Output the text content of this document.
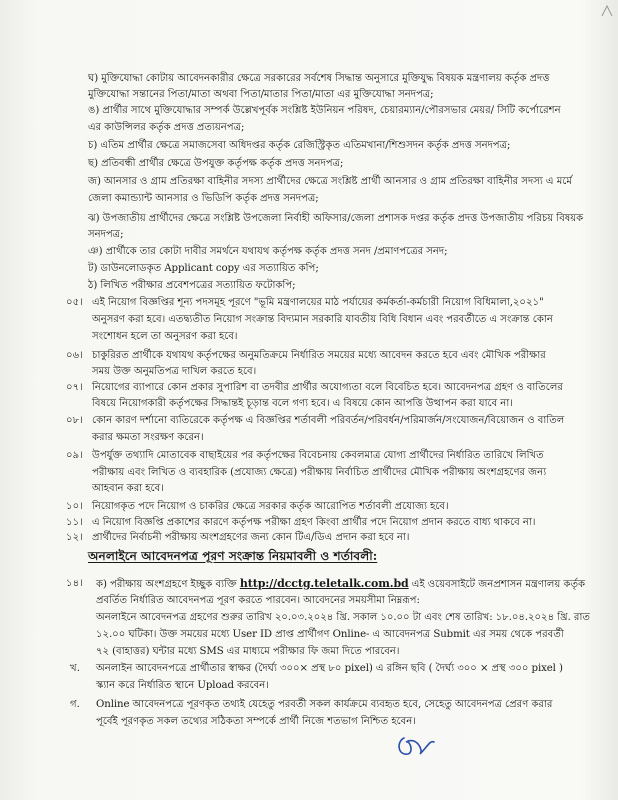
ঘ) মুক্তিযোদ্ধা কোটায় আবেদনকারীর ক্ষেত্রে সরকারের সর্বশেষ সিদ্ধান্ত অনুসারে মুক্তিযুদ্ধ বিষয়ক মন্ত্রণালয় কর্তৃক প্রদত্ত
মুক্তিযোদ্ধা সন্তানের পিতা/মাতা অথবা পিতা/মাতার পিতা/মাতা এর মুক্তিযোদ্ধা সনদপত্র;
ঙ) প্রার্থীর সাথে মুক্তিযোদ্ধার সম্পর্ক উল্লেখপূর্বক সংশ্লিষ্ট ইউনিয়ন পরিষদ, চেয়ারম্যান/পৌরসভার মেয়র/ সিটি কর্পোরেশন
এর কাউন্সিলর কর্তৃক প্রদত্ত প্রত্যয়নপত্র;
চ) এতিম প্রার্থীর ক্ষেত্রে সমাজসেবা অধিদপ্তর কর্তৃক রেজিস্ট্রিকৃত এতিমখানা/শিশুসদন কর্তৃক প্রদত্ত সনদপত্র;
ছ) প্রতিবন্ধী প্রার্থীর ক্ষেত্রে উপযুক্ত কর্তৃপক্ষ কর্তৃক প্রদত্ত সনদপত্র;
জ) আনসার ও গ্রাম প্রতিরক্ষা বাহিনীর সদস্য প্রার্থীদের ক্ষেত্রে সংশ্লিষ্ট প্রার্থী আনসার ও গ্রাম প্রতিরক্ষা বাহিনীর সদস্য এ মর্মে
জেলা কমান্ড্যান্ট আনসার ও ভিডিপি কর্তৃক প্রদত্ত সনদপত্র;
ঝ) উপজাতীয় প্রার্থীদের ক্ষেত্রে সংশ্লিষ্ট উপজেলা নির্বাহী অফিসার/জেলা প্রশাসক দপ্তর কর্তৃক প্রদত্ত উপজাতীয় পরিচয় বিষয়ক
সনদপত্র;
ঞ) প্রার্থীকে তার কোটা দাবীর সমর্থনে যথাযথ কর্তৃপক্ষ কর্তৃক প্রদত্ত সনদ /প্রমাণপত্রের সনদ;
ট) ডাউনলোডকৃত Applicant copy এর সত্যায়িত কপি;
ঠ) লিখিত পরীক্ষার প্রবেশপত্রের সত্যায়িত ফটোকপি;
০৫। এই নিয়োগ বিজ্ঞপ্তির শূন্য পদসমূহ পূরণে "ভূমি মন্ত্রণালয়ের মাঠ পর্যায়ের কর্মকর্তা-কর্মচারী নিয়োগ বিধিমালা,২০২১"
অনুসরণ করা হবে। এতদ্ব্যতীত নিয়োগ সংক্রান্ত বিদ্যমান সরকারি যাবতীয় বিধি বিধান এবং পরবর্তীতে এ সংক্রান্ত কোন
সংশোধন হলে তা অনুসরণ করা হবে।
০৬। চাকুরিরত প্রার্থীকে যথাযথ কর্তৃপক্ষের অনুমতিক্রমে নির্ধারিত সময়ের মধ্যে আবেদন করতে হবে এবং মৌখিক পরীক্ষার
সময় উক্ত অনুমতিপত্র দাখিল করতে হবে।
০৭। নিয়োগের ব্যাপারে কোন প্রকার সুপারিশ বা তদবীর প্রার্থীর অযোগ্যতা বলে বিবেচিত হবে। আবেদনপত্র গ্রহণ ও বাতিলের
বিষয়ে নিয়োগকারী কর্তৃপক্ষের সিদ্ধান্তই চূড়ান্ত বলে গণ্য হবে। এ বিষয়ে কোন আপত্তি উত্থাপন করা যাবে না।
০৮। কোন কারণ দর্শানো ব্যতিরেকে কর্তৃপক্ষ এ বিজ্ঞপ্তির শর্তাবলী পরিবর্তন/পরিবর্ধন/পরিমার্জন/সংযোজন/বিয়োজন ও বাতিল
করার ক্ষমতা সংরক্ষণ করেন।
০৯। উপর্যুক্ত তথ্যাদি মোতাবেক বাছাইয়ের পর কর্তৃপক্ষের বিবেচনায় কেবলমাত্র যোগ্য প্রার্থীদের নির্ধারিত তারিখে লিখিত
পরীক্ষায় এবং লিখিত ও ব্যবহারিক (প্রযোজ্য ক্ষেত্রে) পরীক্ষায় নির্বাচিত প্রার্থীদের মৌখিক পরীক্ষায় অংশগ্রহণের জন্য
আহবান করা হবে।
১০। নিয়োগকৃত পদে নিয়োগ ও চাকরির ক্ষেত্রে সরকার কর্তৃক আরোপিত শর্তাবলী প্রযোজ্য হবে।
১১। এ নিয়োগ বিজ্ঞপ্তি প্রকাশের কারণে কর্তৃপক্ষ পরীক্ষা গ্রহণ কিংবা প্রার্থীর পদে নিয়োগ প্রদান করতে বাধ্য থাকবে না।
১২। প্রার্থীদের নির্বাচনী পরীক্ষায় অংশগ্রহণের জন্য কোন টিএ/ডিএ প্রদান করা হবে না।
অনলাইনে আবেদনপত্র পূরণ সংক্রান্ত নিয়মাবলী ও শর্তাবলী:
১৪। ক) পরীক্ষায় অংশগ্রহণে ইচ্ছুক ব্যক্তি http://dcctg.teletalk.com.bd এই ওয়েবসাইটে জনপ্রশাসন মন্ত্রণালয় কর্তৃক
প্রবর্তিত নির্ধারিত আবেদনপত্র পূরণ করতে পারবেন। আবেদনের সময়সীমা নিম্নরূপ:
অনলাইনে আবেদনপত্র গ্রহণের শুরুর তারিখ ২০.০৩.২০২৪ খ্রি. সকাল ১০.০০ টা এবং শেষ তারিখ: ১৮.০৪.২০২৪ খ্রি. রাত
১২.০০ ঘটিকা। উক্ত সময়ের মধ্যে User ID প্রাপ্ত প্রার্থীগণ Online- এ আবেদনপত্র Submit এর সময় থেকে পরবর্তী
৭২ (বাহাত্তর) ঘন্টার মধ্যে SMS এর মাধ্যমে পরীক্ষার ফি জমা দিতে পারবেন।
খ. অনলাইন আবেদনপত্রে প্রার্থীতার স্বাক্ষর (দৈর্ঘ্য ৩০০× প্রস্থ ৮০ pixel) এ রঙ্গিন ছবি ( দৈর্ঘ্য ৩০০ × প্রস্থ ৩০০ pixel )
স্ক্যান করে নির্ধারিত স্থানে Upload করবেন।
গ. Online আবেদনপত্রে পূরণকৃত তথ্যই যেহেতু পরবর্তী সকল কার্যক্রমে ব্যবহৃত হবে, সেহেতু আবেদনপত্র প্রেরণ করার
পূর্বেই পূরণকৃত সকল তথ্যের সঠিকতা সম্পর্কে প্রার্থী নিজে শতভাগ নিশ্চিত হবেন।
